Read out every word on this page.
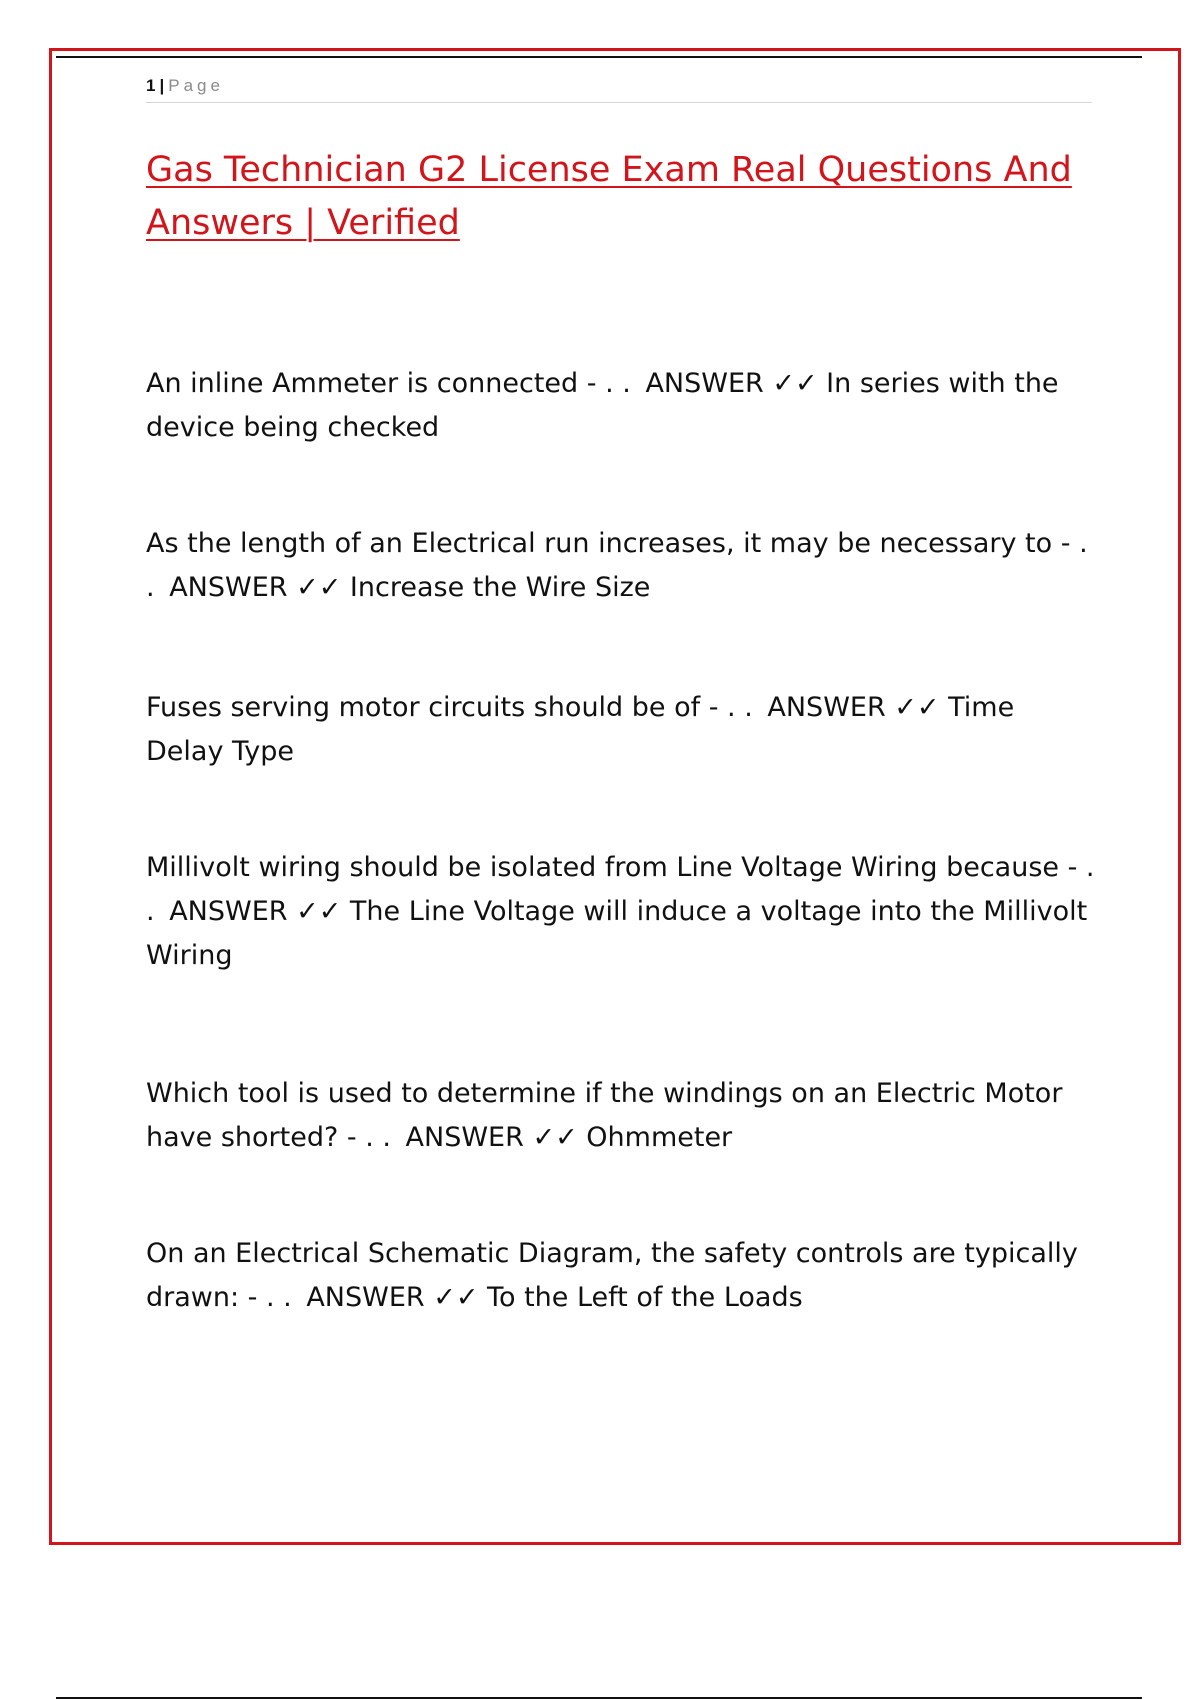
1 | Page
Gas Technician G2 License Exam Real Questions And Answers | Verified

An inline Ammeter is connected - . . ANSWER ✓✓ In series with the device being checked

As the length of an Electrical run increases, it may be necessary to - . . ANSWER ✓✓ Increase the Wire Size

Fuses serving motor circuits should be of - . . ANSWER ✓✓ Time Delay Type

Millivolt wiring should be isolated from Line Voltage Wiring because - . . ANSWER ✓✓ The Line Voltage will induce a voltage into the Millivolt Wiring

Which tool is used to determine if the windings on an Electric Motor have shorted? - . . ANSWER ✓✓ Ohmmeter

On an Electrical Schematic Diagram, the safety controls are typically drawn: - . . ANSWER ✓✓ To the Left of the Loads
